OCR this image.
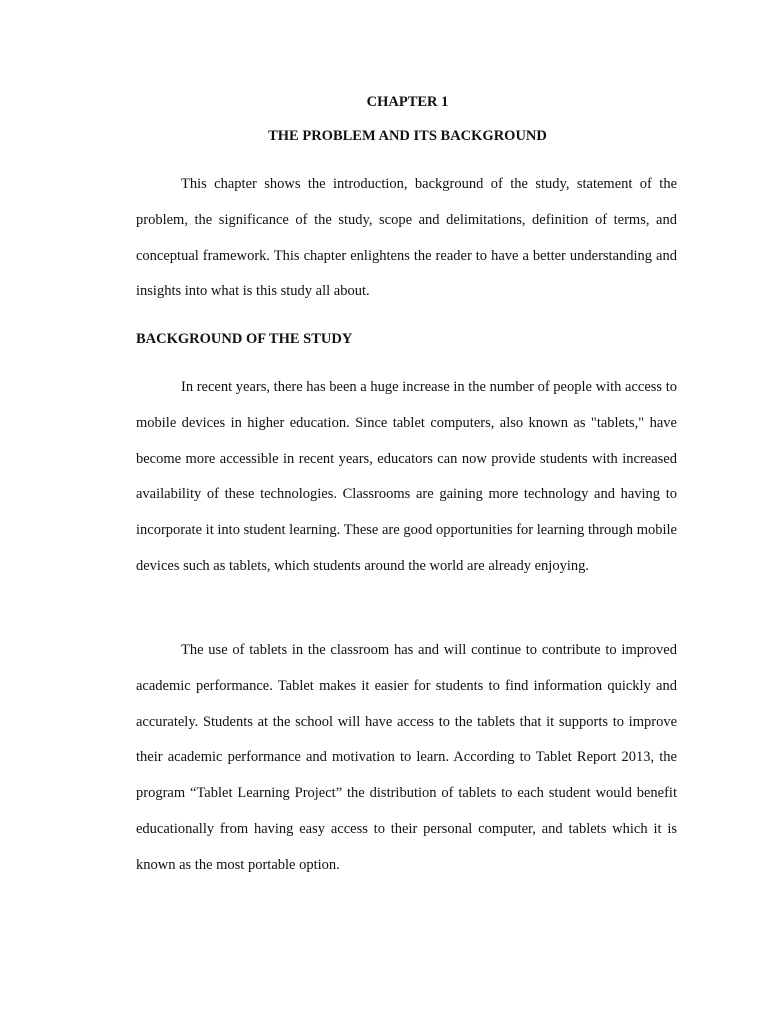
CHAPTER 1
THE PROBLEM AND ITS BACKGROUND

This chapter shows the introduction, background of the study, statement of the problem, the significance of the study, scope and delimitations, definition of terms, and conceptual framework. This chapter enlightens the reader to have a better understanding and insights into what is this study all about.

BACKGROUND OF THE STUDY

In recent years, there has been a huge increase in the number of people with access to mobile devices in higher education. Since tablet computers, also known as "tablets," have become more accessible in recent years, educators can now provide students with increased availability of these technologies. Classrooms are gaining more technology and having to incorporate it into student learning. These are good opportunities for learning through mobile devices such as tablets, which students around the world are already enjoying.

The use of tablets in the classroom has and will continue to contribute to improved academic performance. Tablet makes it easier for students to find information quickly and accurately. Students at the school will have access to the tablets that it supports to improve their academic performance and motivation to learn. According to Tablet Report 2013, the program “Tablet Learning Project” the distribution of tablets to each student would benefit educationally from having easy access to their personal computer, and tablets which it is known as the most portable option.
